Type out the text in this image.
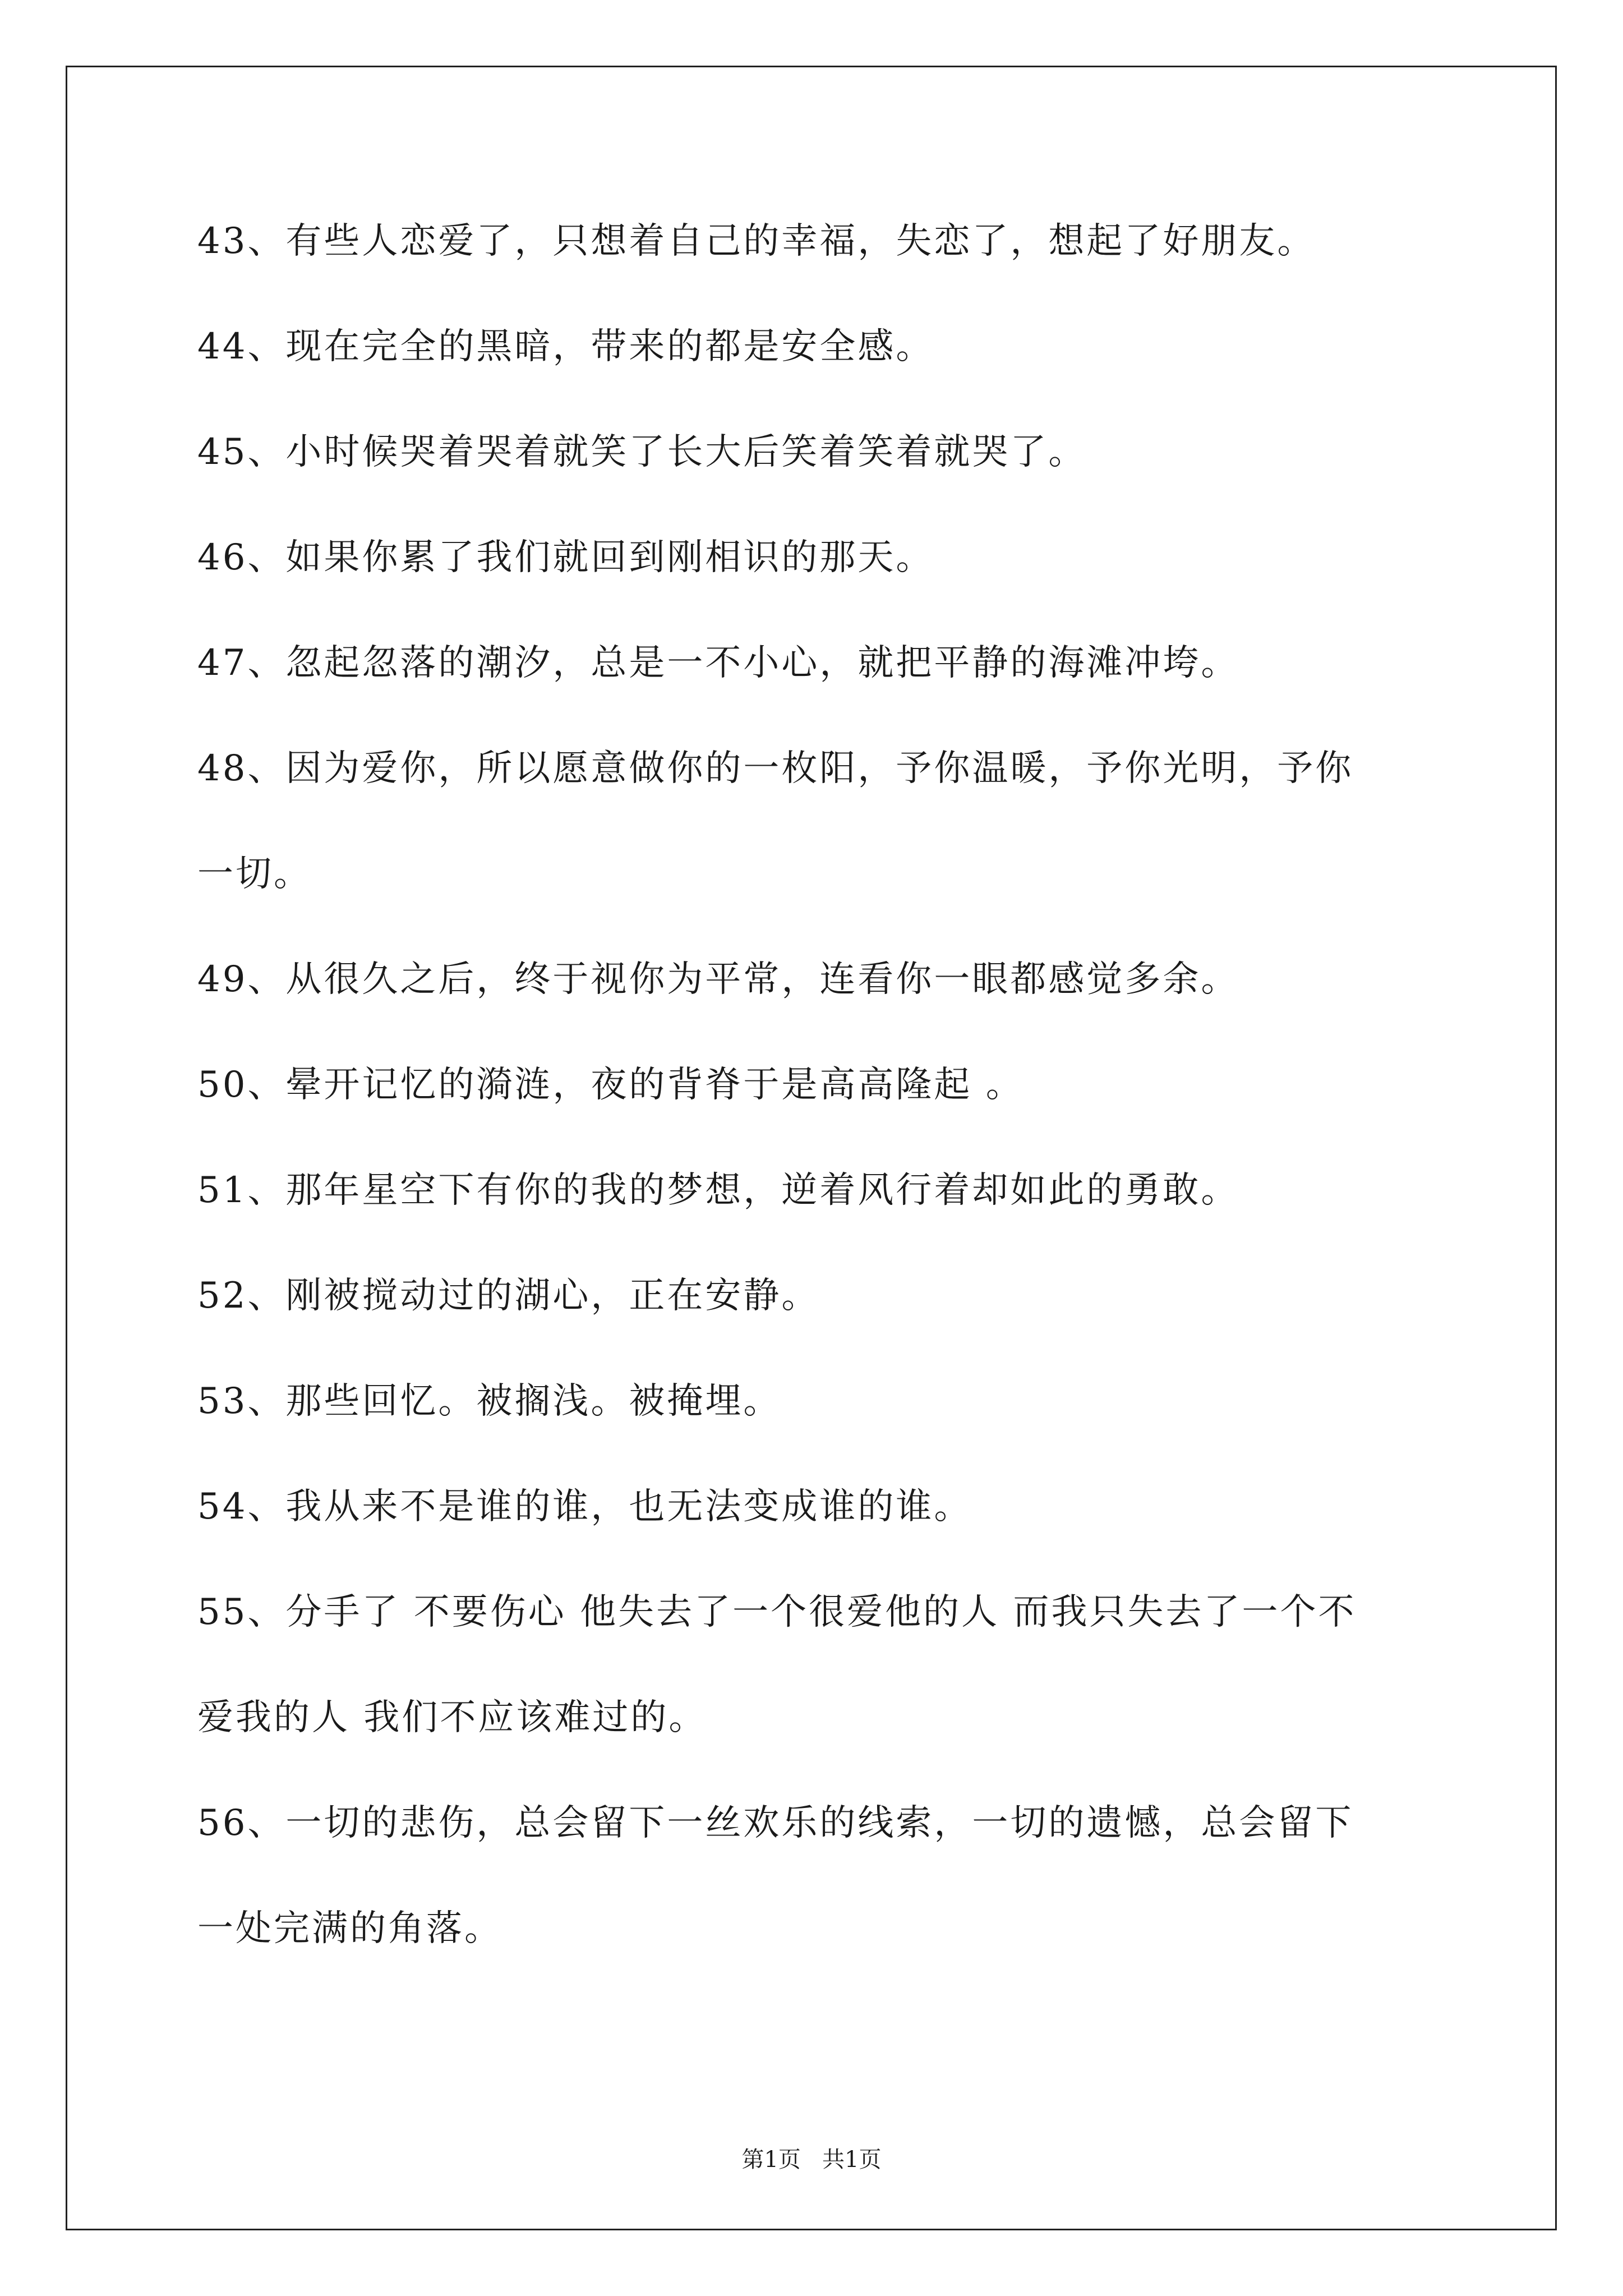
43、有些人恋爱了，只想着自己的幸福，失恋了，想起了好朋友。
44、现在完全的黑暗，带来的都是安全感。
45、小时候哭着哭着就笑了长大后笑着笑着就哭了。
46、如果你累了我们就回到刚相识的那天。
47、忽起忽落的潮汐，总是一不小心，就把平静的海滩冲垮。
48、因为爱你，所以愿意做你的一枚阳，予你温暖，予你光明，予你
一切。
49、从很久之后，终于视你为平常，连看你一眼都感觉多余。
50、晕开记忆的漪涟，夜的背脊于是高高隆起 。
51、那年星空下有你的我的梦想，逆着风行着却如此的勇敢。
52、刚被搅动过的湖心，正在安静。
53、那些回忆。被搁浅。被掩埋。
54、我从来不是谁的谁，也无法变成谁的谁。
55、分手了 不要伤心 他失去了一个很爱他的人 而我只失去了一个不
爱我的人 我们不应该难过的。
56、一切的悲伤，总会留下一丝欢乐的线索，一切的遗憾，总会留下
一处完满的角落。
第1页   共1页
